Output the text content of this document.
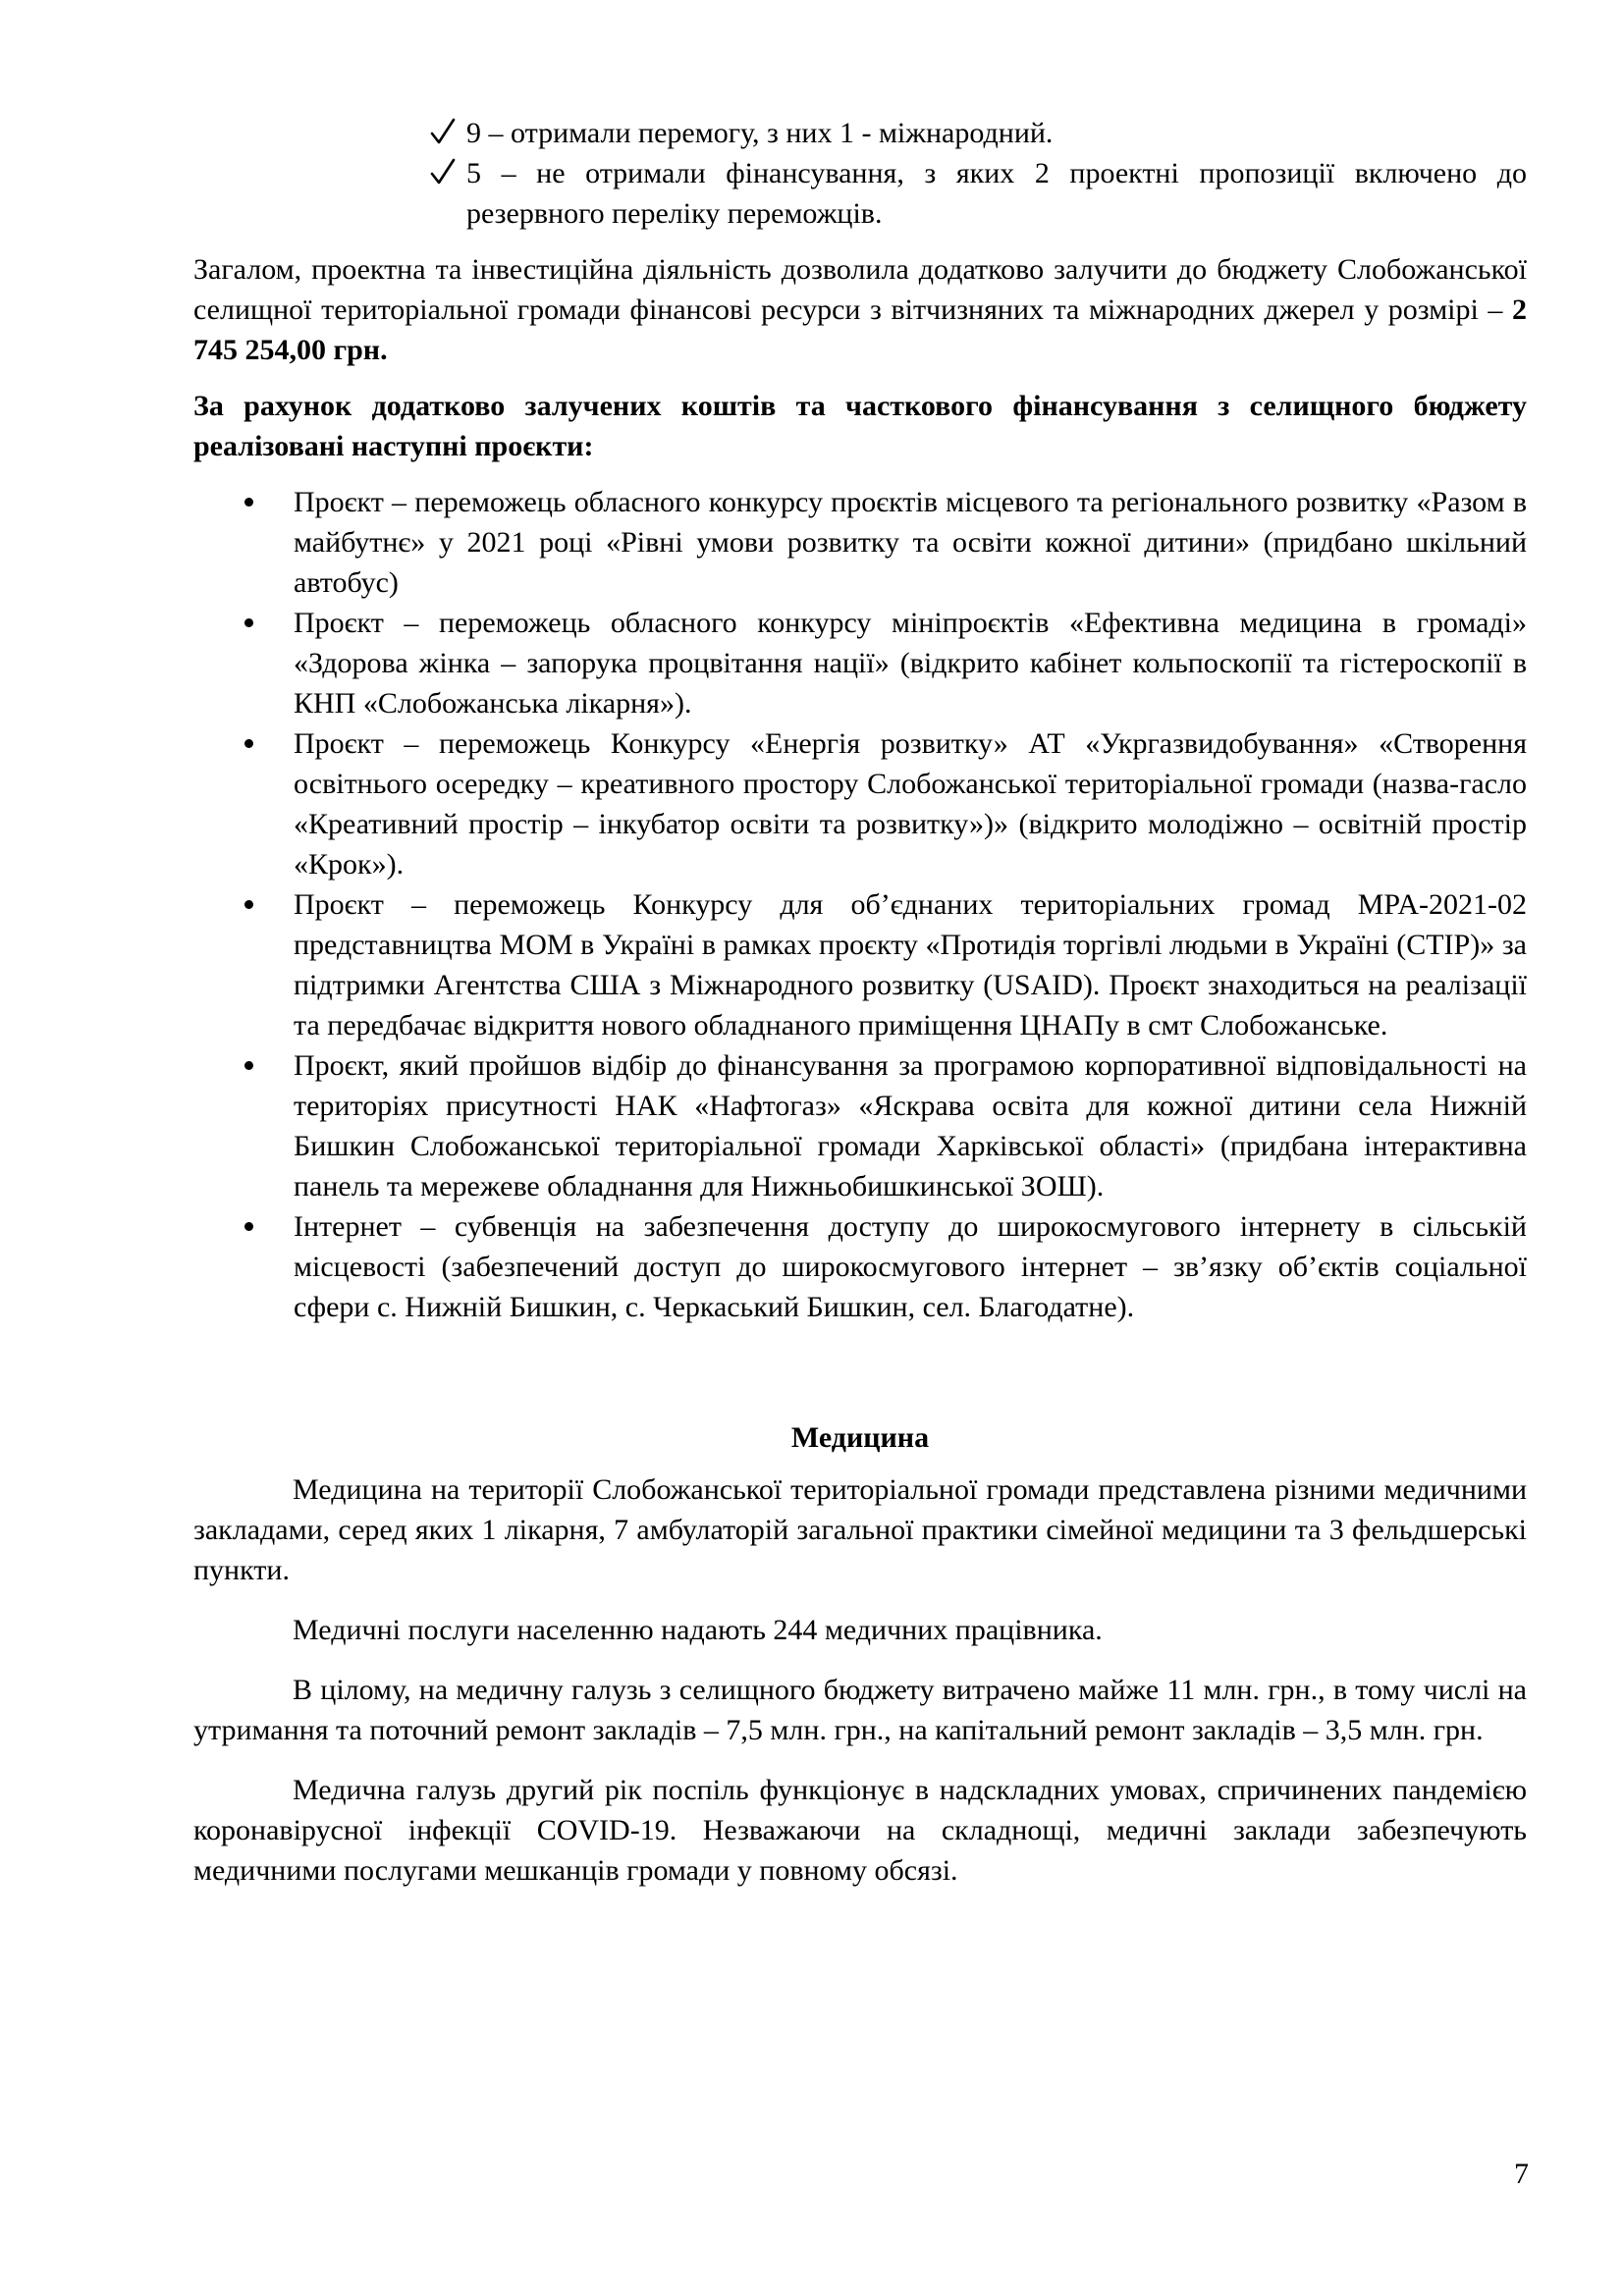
9 – отримали перемогу, з них 1 - міжнародний.
5 – не отримали фінансування, з яких 2 проектні пропозиції включено до резервного переліку переможців.

Загалом, проектна та інвестиційна діяльність дозволила додатково залучити до бюджету Слобожанської селищної територіальної громади фінансові ресурси з вітчизняних та міжнародних джерел у розмірі – 2 745 254,00 грн.

За рахунок додатково залучених коштів та часткового фінансування з селищного бюджету реалізовані наступні проєкти:

Проєкт – переможець обласного конкурсу проєктів місцевого та регіонального розвитку «Разом в майбутнє» у 2021 році «Рівні умови розвитку та освіти кожної дитини» (придбано шкільний автобус)
Проєкт – переможець обласного конкурсу мініпроєктів «Ефективна медицина в громаді» «Здорова жінка – запорука процвітання нації» (відкрито кабінет кольпоскопії та гістероскопії в КНП «Слобожанська лікарня»).
Проєкт – переможець Конкурсу «Енергія розвитку» АТ «Укргазвидобування» «Створення освітнього осередку – креативного простору Слобожанської територіальної громади (назва-гасло «Креативний простір – інкубатор освіти та розвитку»)» (відкрито молодіжно – освітній простір «Крок»).
Проєкт – переможець Конкурсу для об’єднаних територіальних громад MPA-2021-02 представництва МОМ в Україні в рамках проєкту «Протидія торгівлі людьми в Україні (CTIP)» за підтримки Агентства США з Міжнародного розвитку (USAID). Проєкт знаходиться на реалізації та передбачає відкриття нового обладнаного приміщення ЦНАПу в смт Слобожанське.
Проєкт, який пройшов відбір до фінансування за програмою корпоративної відповідальності на територіях присутності НАК «Нафтогаз» «Яскрава освіта для кожної дитини села Нижній Бишкин Слобожанської територіальної громади Харківської області» (придбана інтерактивна панель та мережеве обладнання для Нижньобишкинської ЗОШ).
Інтернет – субвенція на забезпечення доступу до широкосмугового інтернету в сільській місцевості (забезпечений доступ до широкосмугового інтернет – зв’язку об’єктів соціальної сфери с. Нижній Бишкин, с. Черкаський Бишкин, сел. Благодатне).

Медицина

Медицина на території Слобожанської територіальної громади представлена різними медичними закладами, серед яких 1 лікарня, 7 амбулаторій загальної практики сімейної медицини та 3 фельдшерські пункти.

Медичні послуги населенню надають 244 медичних працівника.

В цілому, на медичну галузь з селищного бюджету витрачено майже 11 млн. грн., в тому числі на утримання та поточний ремонт закладів – 7,5 млн. грн., на капітальний ремонт закладів – 3,5 млн. грн.

Медична галузь другий рік поспіль функціонує в надскладних умовах, спричинених пандемією коронавірусної інфекції COVID-19. Незважаючи на складнощі, медичні заклади забезпечують медичними послугами мешканців громади у повному обсязі.

7
